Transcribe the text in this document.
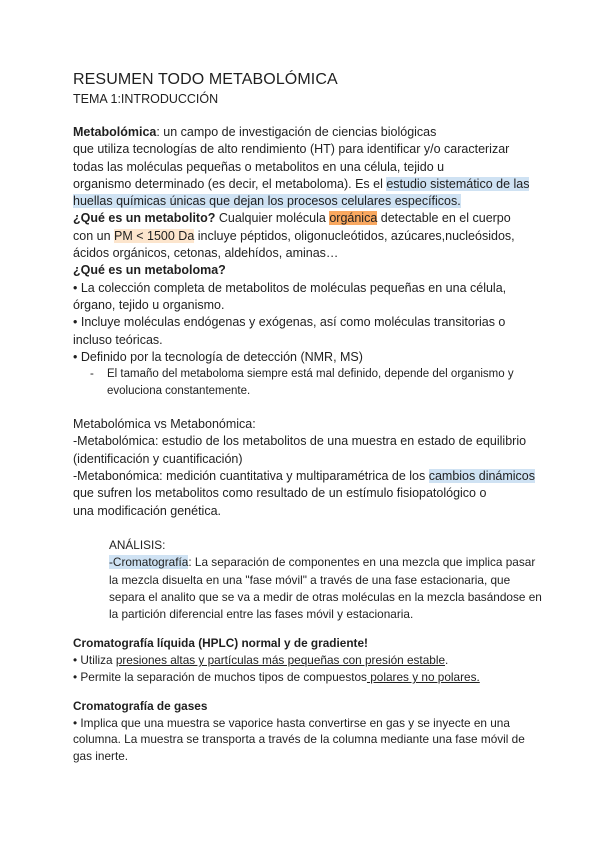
RESUMEN TODO METABOLÓMICA
TEMA 1:INTRODUCCIÓN
Metabolómica: un campo de investigación de ciencias biológicas
que utiliza tecnologías de alto rendimiento (HT) para identificar y/o caracterizar
todas las moléculas pequeñas o metabolitos en una célula, tejido u
organismo determinado (es decir, el metaboloma). Es el estudio sistemático de las
huellas químicas únicas que dejan los procesos celulares específicos.
¿Qué es un metabolito? Cualquier molécula orgánica detectable en el cuerpo
con un PM < 1500 Da incluye péptidos, oligonucleótidos, azúcares,nucleósidos,
ácidos orgánicos, cetonas, aldehídos, aminas…
¿Qué es un metaboloma?
• La colección completa de metabolitos de moléculas pequeñas en una célula,
órgano, tejido u organismo.
• Incluye moléculas endógenas y exógenas, así como moléculas transitorias o
incluso teóricas.
• Definido por la tecnología de detección (NMR, MS)
-	El tamaño del metaboloma siempre está mal definido, depende del organismo y
evoluciona constantemente.
Metabolómica vs Metabonómica:
-Metabolómica: estudio de los metabolitos de una muestra en estado de equilibrio
(identificación y cuantificación)
-Metabonómica: medición cuantitativa y multiparamétrica de los cambios dinámicos
que sufren los metabolitos como resultado de un estímulo fisiopatológico o
una modificación genética.
ANÁLISIS:
-Cromatografía: La separación de componentes en una mezcla que implica pasar
la mezcla disuelta en una "fase móvil" a través de una fase estacionaria, que
separa el analito que se va a medir de otras moléculas en la mezcla basándose en
la partición diferencial entre las fases móvil y estacionaria.
Cromatografía líquida (HPLC) normal y de gradiente!
• Utiliza presiones altas y partículas más pequeñas con presión estable.
• Permite la separación de muchos tipos de compuestos polares y no polares.
Cromatografía de gases
• Implica que una muestra se vaporice hasta convertirse en gas y se inyecte en una
columna. La muestra se transporta a través de la columna mediante una fase móvil de
gas inerte.
